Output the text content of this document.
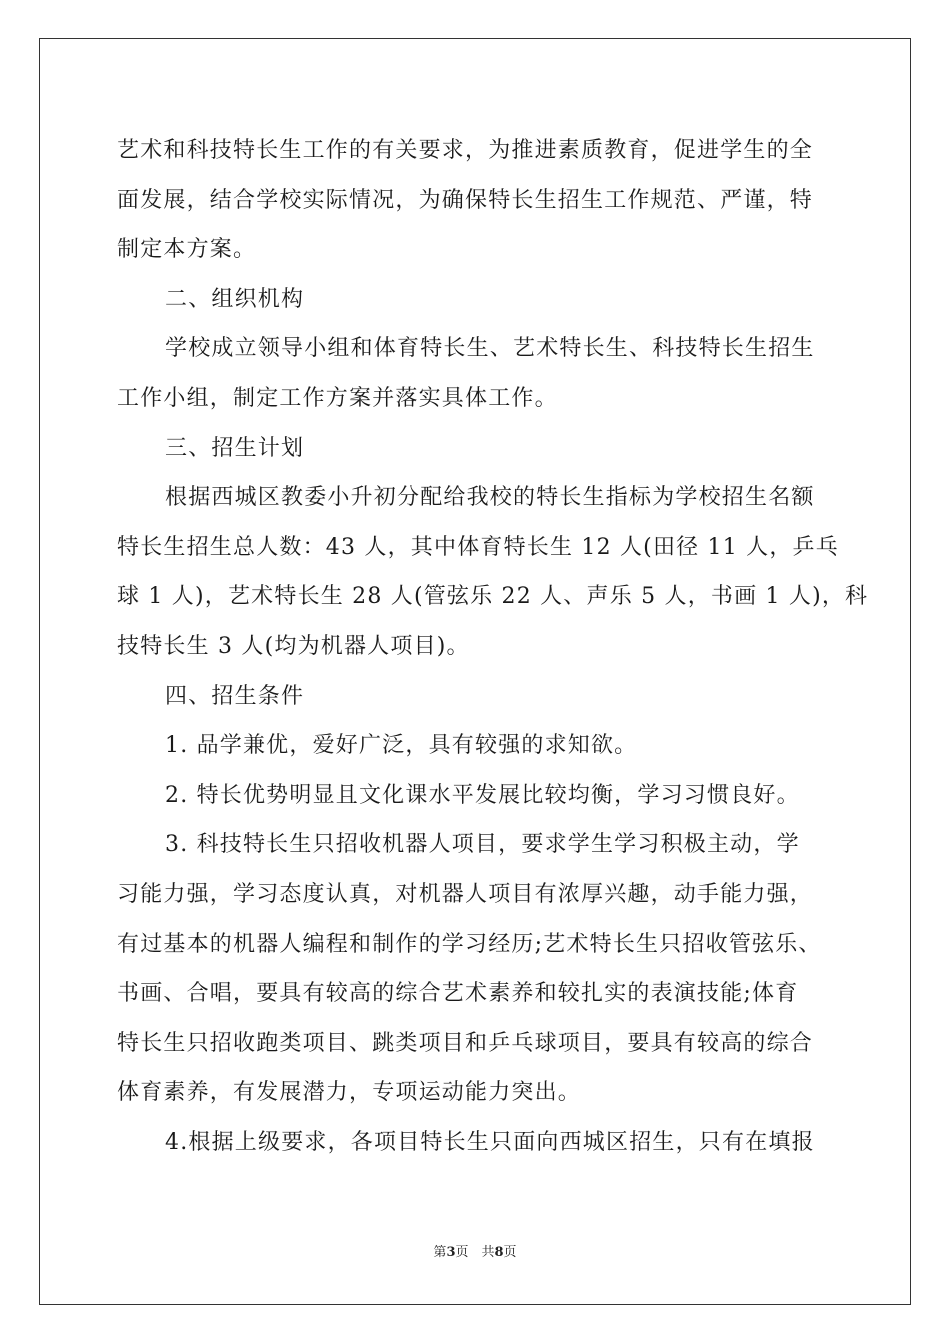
艺术和科技特长生工作的有关要求，为推进素质教育，促进学生的全
面发展，结合学校实际情况，为确保特长生招生工作规范、严谨，特
制定本方案。
二、组织机构
学校成立领导小组和体育特长生、艺术特长生、科技特长生招生
工作小组，制定工作方案并落实具体工作。
三、招生计划
根据西城区教委小升初分配给我校的特长生指标为学校招生名额
特长生招生总人数：43 人，其中体育特长生 12 人(田径 11 人，乒乓
球 1 人)，艺术特长生 28 人(管弦乐 22 人、声乐 5 人，书画 1 人)，科
技特长生 3 人(均为机器人项目)。
四、招生条件
1. 品学兼优，爱好广泛，具有较强的求知欲。
2. 特长优势明显且文化课水平发展比较均衡，学习习惯良好。
3. 科技特长生只招收机器人项目，要求学生学习积极主动，学
习能力强，学习态度认真，对机器人项目有浓厚兴趣，动手能力强，
有过基本的机器人编程和制作的学习经历;艺术特长生只招收管弦乐、
书画、合唱，要具有较高的综合艺术素养和较扎实的表演技能;体育
特长生只招收跑类项目、跳类项目和乒乓球项目，要具有较高的综合
体育素养，有发展潜力，专项运动能力突出。
4.根据上级要求，各项目特长生只面向西城区招生，只有在填报
第3页　共8页
